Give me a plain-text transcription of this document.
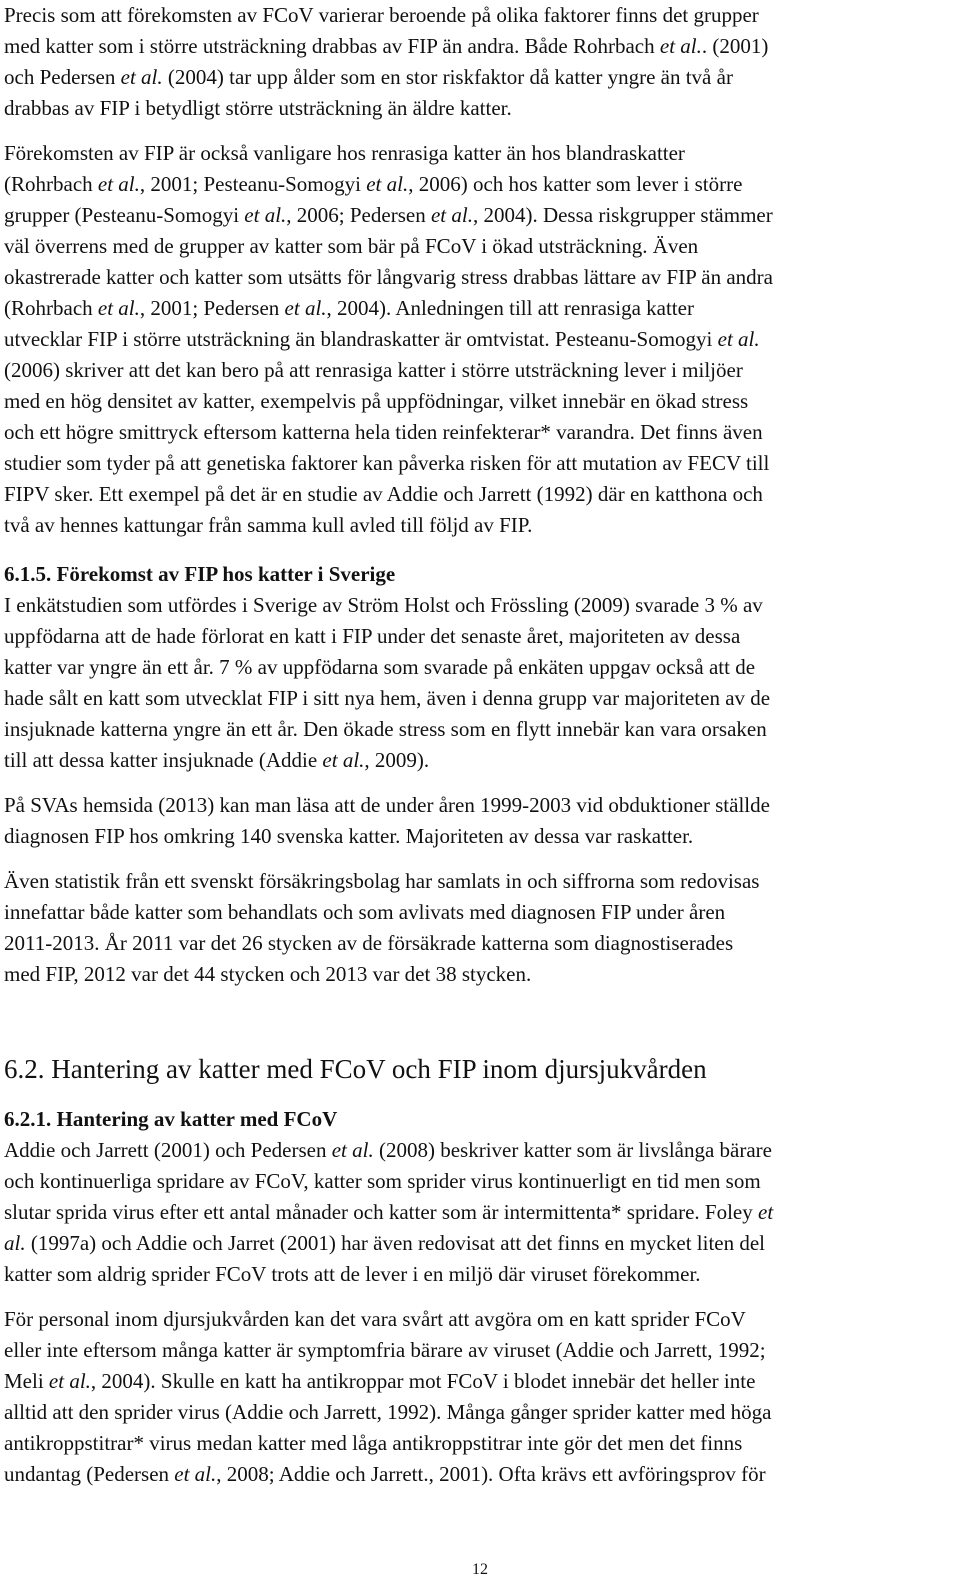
Precis som att förekomsten av FCoV varierar beroende på olika faktorer finns det grupper
med katter som i större utsträckning drabbas av FIP än andra. Både Rohrbach et al.. (2001)
och Pedersen et al. (2004) tar upp ålder som en stor riskfaktor då katter yngre än två år
drabbas av FIP i betydligt större utsträckning än äldre katter.
Förekomsten av FIP är också vanligare hos renrasiga katter än hos blandraskatter
(Rohrbach et al., 2001; Pesteanu-Somogyi et al., 2006) och hos katter som lever i större
grupper (Pesteanu-Somogyi et al., 2006; Pedersen et al., 2004). Dessa riskgrupper stämmer
väl överrens med de grupper av katter som bär på FCoV i ökad utsträckning. Även
okastrerade katter och katter som utsätts för långvarig stress drabbas lättare av FIP än andra
(Rohrbach et al., 2001; Pedersen et al., 2004). Anledningen till att renrasiga katter
utvecklar FIP i större utsträckning än blandraskatter är omtvistat. Pesteanu-Somogyi et al.
(2006) skriver att det kan bero på att renrasiga katter i större utsträckning lever i miljöer
med en hög densitet av katter, exempelvis på uppfödningar, vilket innebär en ökad stress
och ett högre smittryck eftersom katterna hela tiden reinfekterar* varandra. Det finns även
studier som tyder på att genetiska faktorer kan påverka risken för att mutation av FECV till
FIPV sker. Ett exempel på det är en studie av Addie och Jarrett (1992) där en katthona och
två av hennes kattungar från samma kull avled till följd av FIP.
6.1.5. Förekomst av FIP hos katter i Sverige
I enkätstudien som utfördes i Sverige av Ström Holst och Frössling (2009) svarade 3 % av
uppfödarna att de hade förlorat en katt i FIP under det senaste året, majoriteten av dessa
katter var yngre än ett år. 7 % av uppfödarna som svarade på enkäten uppgav också att de
hade sålt en katt som utvecklat FIP i sitt nya hem, även i denna grupp var majoriteten av de
insjuknade katterna yngre än ett år. Den ökade stress som en flytt innebär kan vara orsaken
till att dessa katter insjuknade (Addie et al., 2009).
På SVAs hemsida (2013) kan man läsa att de under åren 1999-2003 vid obduktioner ställde
diagnosen FIP hos omkring 140 svenska katter. Majoriteten av dessa var raskatter.
Även statistik från ett svenskt försäkringsbolag har samlats in och siffrorna som redovisas
innefattar både katter som behandlats och som avlivats med diagnosen FIP under åren
2011-2013. År 2011 var det 26 stycken av de försäkrade katterna som diagnostiserades
med FIP, 2012 var det 44 stycken och 2013 var det 38 stycken.
6.2. Hantering av katter med FCoV och FIP inom djursjukvården
6.2.1. Hantering av katter med FCoV
Addie och Jarrett (2001) och Pedersen et al. (2008) beskriver katter som är livslånga bärare
och kontinuerliga spridare av FCoV, katter som sprider virus kontinuerligt en tid men som
slutar sprida virus efter ett antal månader och katter som är intermittenta* spridare. Foley et
al. (1997a) och Addie och Jarret (2001) har även redovisat att det finns en mycket liten del
katter som aldrig sprider FCoV trots att de lever i en miljö där viruset förekommer.
För personal inom djursjukvården kan det vara svårt att avgöra om en katt sprider FCoV
eller inte eftersom många katter är symptomfria bärare av viruset (Addie och Jarrett, 1992;
Meli et al., 2004). Skulle en katt ha antikroppar mot FCoV i blodet innebär det heller inte
alltid att den sprider virus (Addie och Jarrett, 1992). Många gånger sprider katter med höga
antikroppstitrar* virus medan katter med låga antikroppstitrar inte gör det men det finns
undantag (Pedersen et al., 2008; Addie och Jarrett., 2001). Ofta krävs ett avföringsprov för
12
